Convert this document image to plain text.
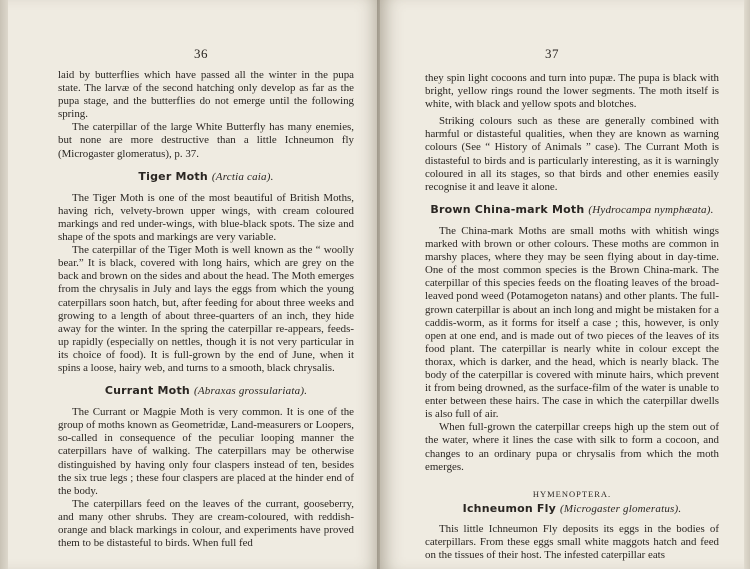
36

laid by butterflies which have passed all the winter in the pupa state. The larvæ of the second hatching only develop as far as the pupa stage, and the butterflies do not emerge until the following spring.

The caterpillar of the large White Butterfly has many enemies, but none are more destructive than a little Ichneumon fly (Microgaster glomeratus), p. 37.

Tiger Moth (Arctia caia).

The Tiger Moth is one of the most beautiful of British Moths, having rich, velvety-brown upper wings, with cream coloured markings and red under-wings, with blue-black spots. The size and shape of the spots and markings are very variable.

The caterpillar of the Tiger Moth is well known as the “ woolly bear.” It is black, covered with long hairs, which are grey on the back and brown on the sides and about the head. The Moth emerges from the chrysalis in July and lays the eggs from which the young caterpillars soon hatch, but, after feeding for about three weeks and growing to a length of about three-quarters of an inch, they hide away for the winter. In the spring the caterpillar re-appears, feeds-up rapidly (especially on nettles, though it is not very particular in its choice of food). It is full-grown by the end of June, when it spins a loose, hairy web, and turns to a smooth, black chrysalis.

Currant Moth (Abraxas grossulariata).

The Currant or Magpie Moth is very common. It is one of the group of moths known as Geometridæ, Land-measurers or Loopers, so-called in consequence of the peculiar looping manner the caterpillars have of walking. The caterpillars may be otherwise distinguished by having only four claspers instead of ten, besides the six true legs ; these four claspers are placed at the hinder end of the body.

The caterpillars feed on the leaves of the currant, gooseberry, and many other shrubs. They are cream-coloured, with reddish-orange and black markings in colour, and experiments have proved them to be distasteful to birds. When full fed

37

they spin light cocoons and turn into pupæ. The pupa is black with bright, yellow rings round the lower segments. The moth itself is white, with black and yellow spots and blotches.

Striking colours such as these are generally combined with harmful or distasteful qualities, when they are known as warning colours (See “ History of Animals ” case). The Currant Moth is distasteful to birds and is particularly interesting, as it is warningly coloured in all its stages, so that birds and other enemies easily recognise it and leave it alone.

Brown China-mark Moth (Hydrocampa nymphæata).

The China-mark Moths are small moths with whitish wings marked with brown or other colours. These moths are common in marshy places, where they may be seen flying about in day-time. One of the most common species is the Brown China-mark. The caterpillar of this species feeds on the floating leaves of the broad-leaved pond weed (Potamogeton natans) and other plants. The full-grown caterpillar is about an inch long and might be mistaken for a caddis-worm, as it forms for itself a case ; this, however, is only open at one end, and is made out of two pieces of the leaves of its food plant. The caterpillar is nearly white in colour except the thorax, which is darker, and the head, which is nearly black. The body of the caterpillar is covered with minute hairs, which prevent it from being drowned, as the surface-film of the water is unable to enter between these hairs. The case in which the caterpillar dwells is also full of air.

When full-grown the caterpillar creeps high up the stem out of the water, where it lines the case with silk to form a cocoon, and changes to an ordinary pupa or chrysalis from which the moth emerges.

HYMENOPTERA.
Ichneumon Fly (Microgaster glomeratus).

This little Ichneumon Fly deposits its eggs in the bodies of caterpillars. From these eggs small white maggots hatch and feed on the tissues of their host. The infested caterpillar eats
